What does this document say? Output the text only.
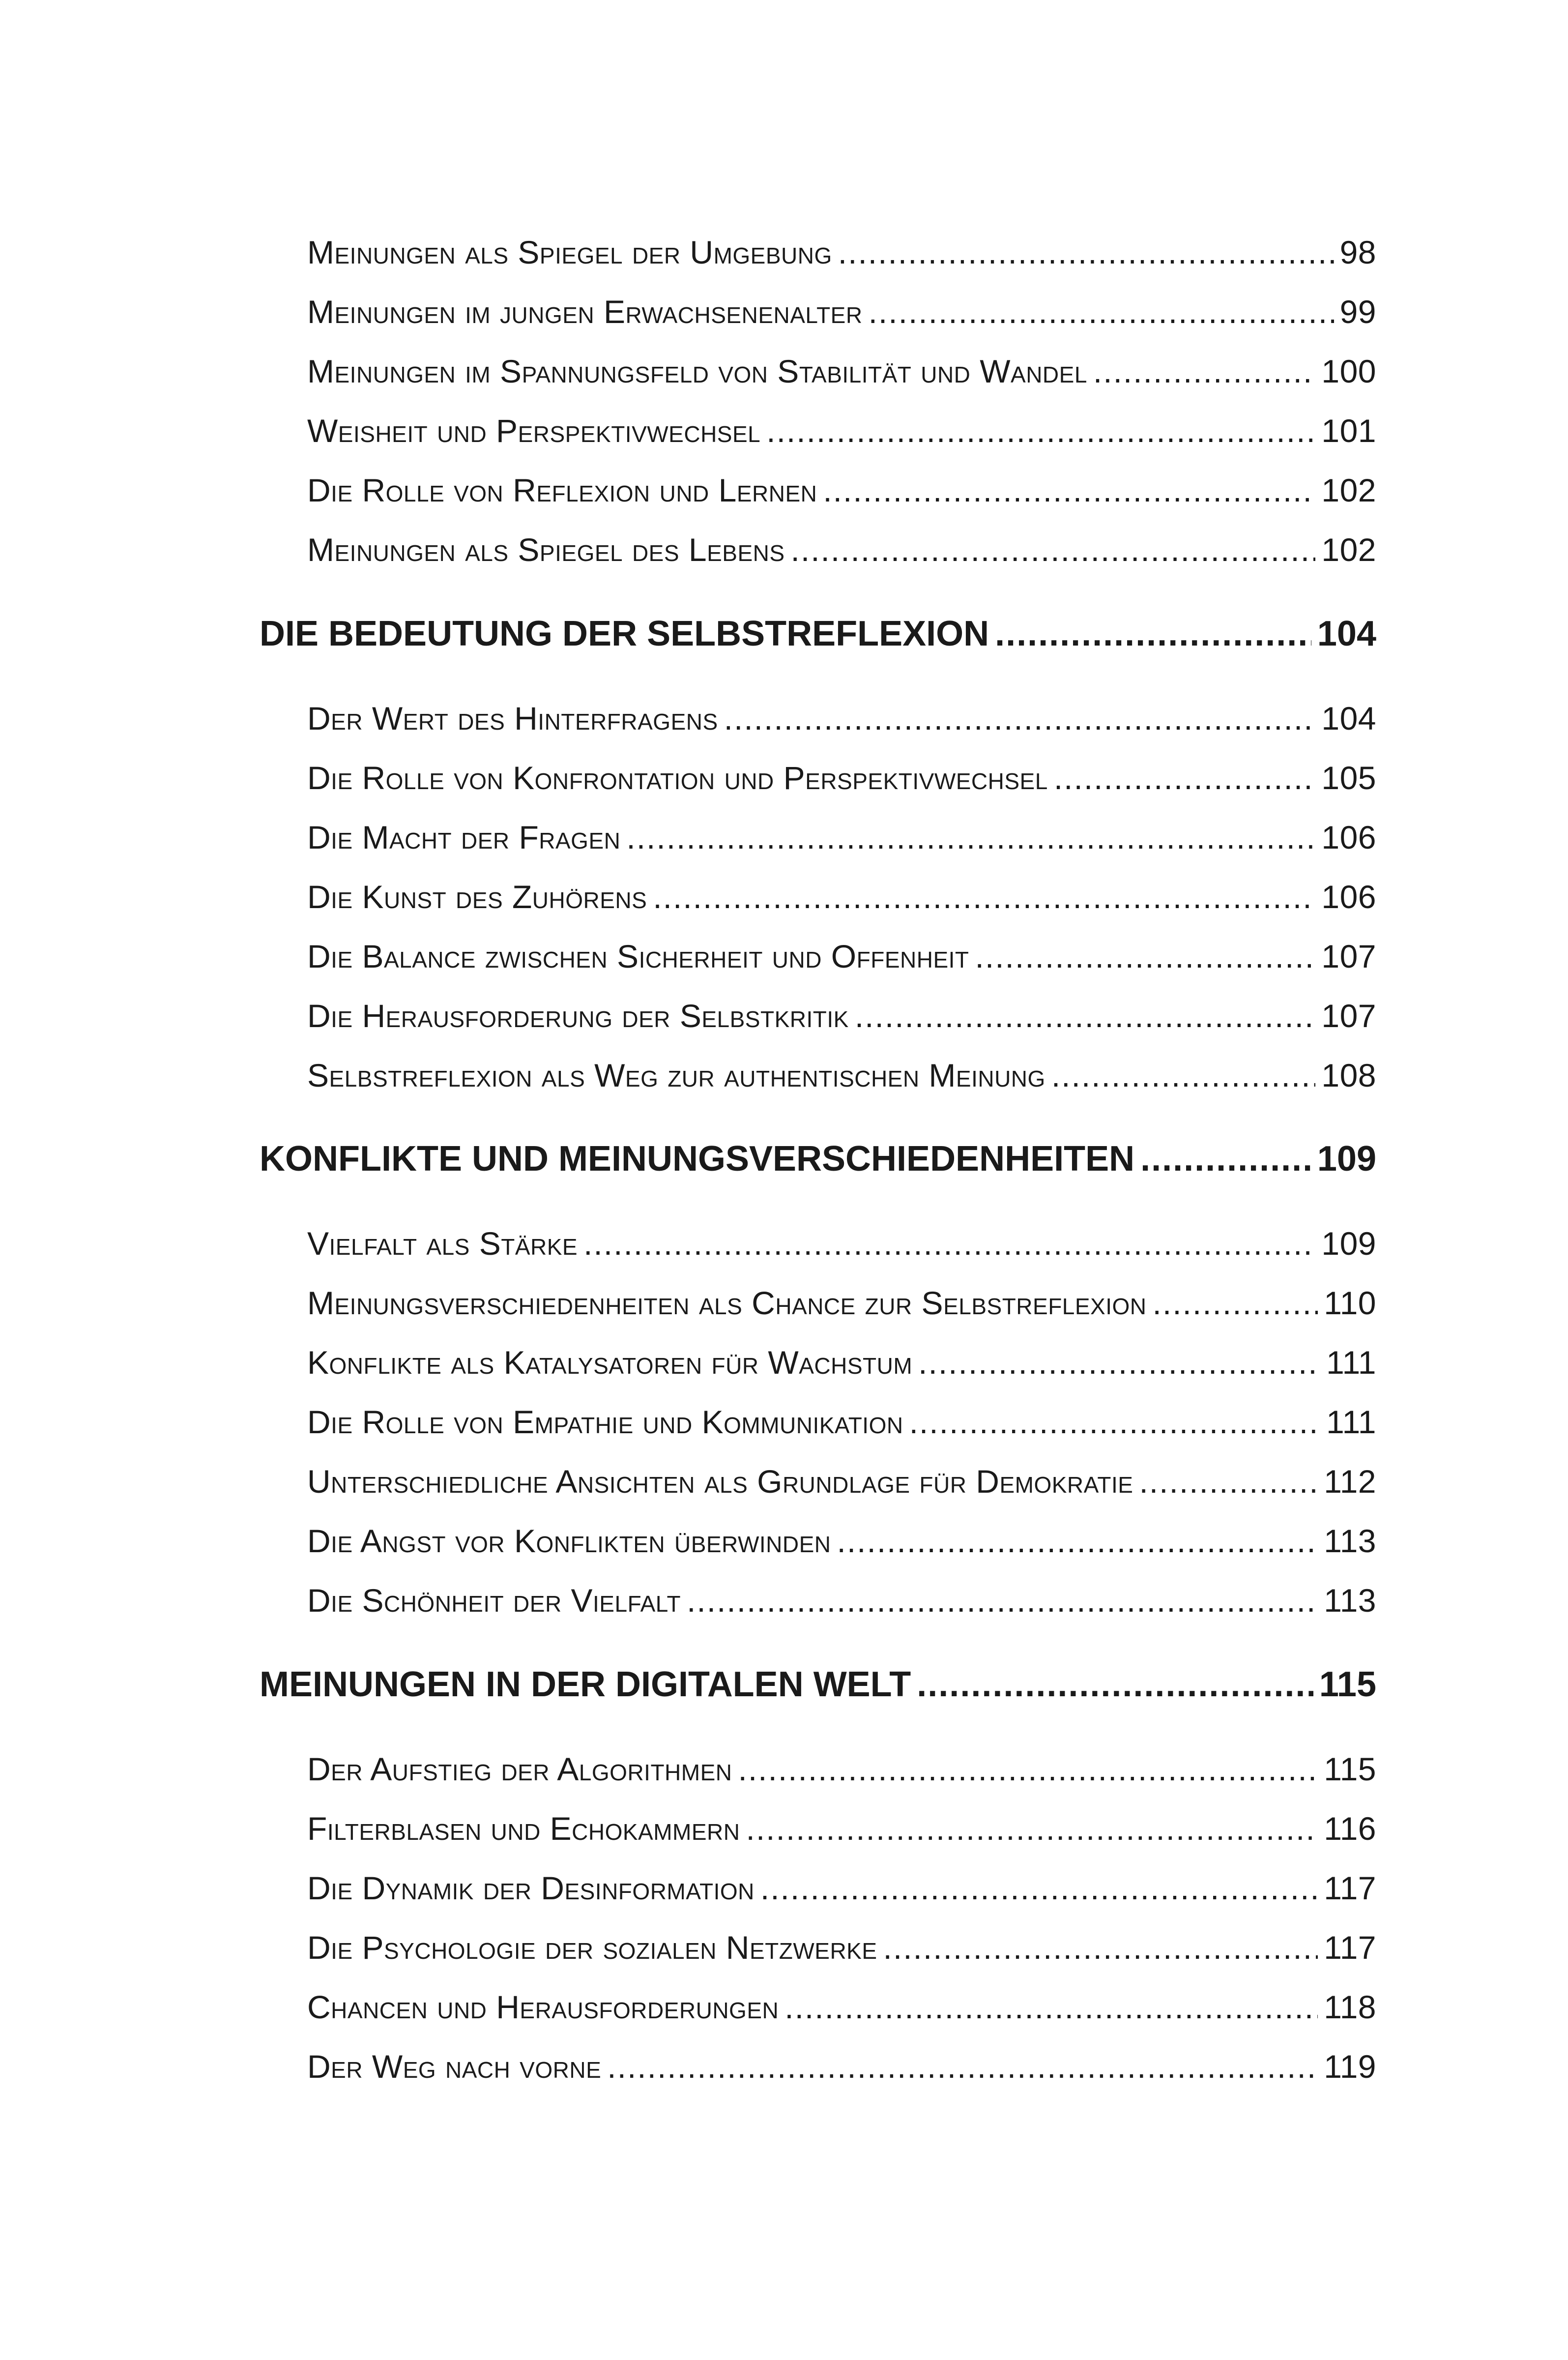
Meinungen als Spiegel der Umgebung .....	98
Meinungen im jungen Erwachsenenalter .....	99
Meinungen im Spannungsfeld von Stabilität und Wandel .....	100
Weisheit und Perspektivwechsel .....	101
Die Rolle von Reflexion und Lernen .....	102
Meinungen als Spiegel des Lebens .....	102
DIE BEDEUTUNG DER SELBSTREFLEXION .....	104
Der Wert des Hinterfragens .....	104
Die Rolle von Konfrontation und Perspektivwechsel .....	105
Die Macht der Fragen .....	106
Die Kunst des Zuhörens .....	106
Die Balance zwischen Sicherheit und Offenheit .....	107
Die Herausforderung der Selbstkritik .....	107
Selbstreflexion als Weg zur authentischen Meinung .....	108
KONFLIKTE UND MEINUNGSVERSCHIEDENHEITEN .....	109
Vielfalt als Stärke .....	109
Meinungsverschiedenheiten als Chance zur Selbstreflexion .....	110
Konflikte als Katalysatoren für Wachstum .....	111
Die Rolle von Empathie und Kommunikation .....	111
Unterschiedliche Ansichten als Grundlage für Demokratie .....	112
Die Angst vor Konflikten überwinden .....	113
Die Schönheit der Vielfalt .....	113
MEINUNGEN IN DER DIGITALEN WELT .....	115
Der Aufstieg der Algorithmen .....	115
Filterblasen und Echokammern .....	116
Die Dynamik der Desinformation .....	117
Die Psychologie der sozialen Netzwerke .....	117
Chancen und Herausforderungen .....	118
Der Weg nach vorne .....	119
